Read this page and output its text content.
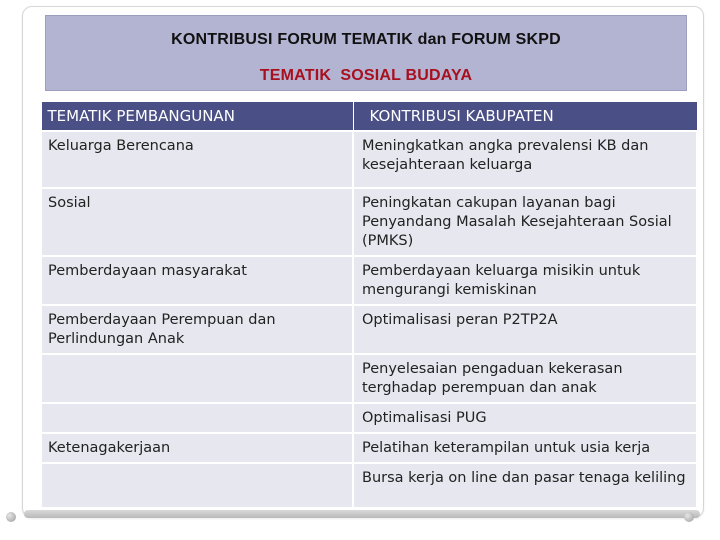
KONTRIBUSI FORUM TEMATIK dan FORUM SKPD
TEMATIK  SOSIAL BUDAYA
TEMATIK PEMBANGUNAN	KONTRIBUSI KABUPATEN
Keluarga Berencana	Meningkatkan angka prevalensi KB dan kesejahteraan keluarga
Sosial	Peningkatan cakupan layanan bagi Penyandang Masalah Kesejahteraan Sosial (PMKS)
Pemberdayaan masyarakat	Pemberdayaan keluarga misikin untuk mengurangi kemiskinan
Pemberdayaan Perempuan dan Perlindungan Anak	Optimalisasi peran P2TP2A
	Penyelesaian pengaduan kekerasan terghadap perempuan dan anak
	Optimalisasi PUG
Ketenagakerjaan	Pelatihan keterampilan untuk usia kerja
	Bursa kerja on line dan pasar tenaga keliling
